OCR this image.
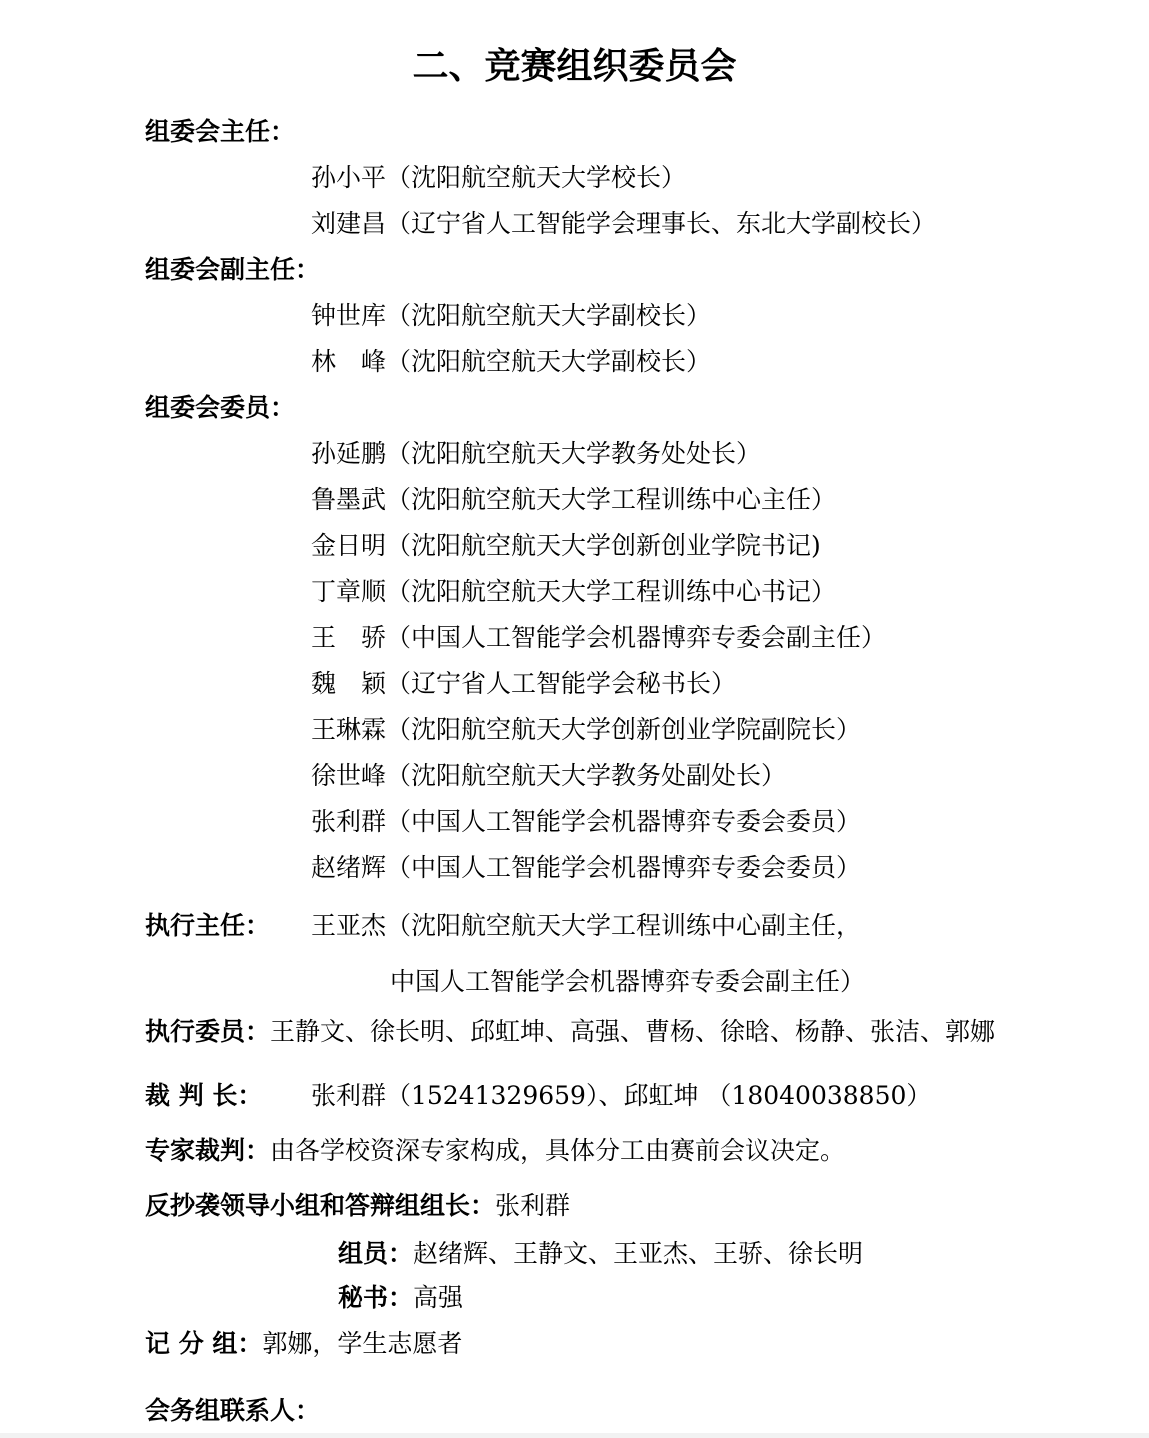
二、竞赛组织委员会
组委会主任：
孙小平（沈阳航空航天大学校长）
刘建昌（辽宁省人工智能学会理事长、东北大学副校长）
组委会副主任：
钟世库（沈阳航空航天大学副校长）
林　峰（沈阳航空航天大学副校长）
组委会委员：
孙延鹏（沈阳航空航天大学教务处处长）
鲁墨武（沈阳航空航天大学工程训练中心主任）
金日明（沈阳航空航天大学创新创业学院书记)
丁章顺（沈阳航空航天大学工程训练中心书记）
王　骄（中国人工智能学会机器博弈专委会副主任）
魏　颖（辽宁省人工智能学会秘书长）
王琳霖（沈阳航空航天大学创新创业学院副院长）
徐世峰（沈阳航空航天大学教务处副处长）
张利群（中国人工智能学会机器博弈专委会委员）
赵绪辉（中国人工智能学会机器博弈专委会委员）
执行主任： 王亚杰（沈阳航空航天大学工程训练中心副主任，
中国人工智能学会机器博弈专委会副主任）
执行委员：王静文、徐长明、邱虹坤、高强、曹杨、徐晗、杨静、张洁、郭娜
裁 判 长： 张利群（15241329659）、邱虹坤 （18040038850）
专家裁判：由各学校资深专家构成，具体分工由赛前会议决定。
反抄袭领导小组和答辩组组长：张利群
组员：赵绪辉、王静文、王亚杰、王骄、徐长明
秘书：高强
记 分 组：郭娜，学生志愿者
会务组联系人：
